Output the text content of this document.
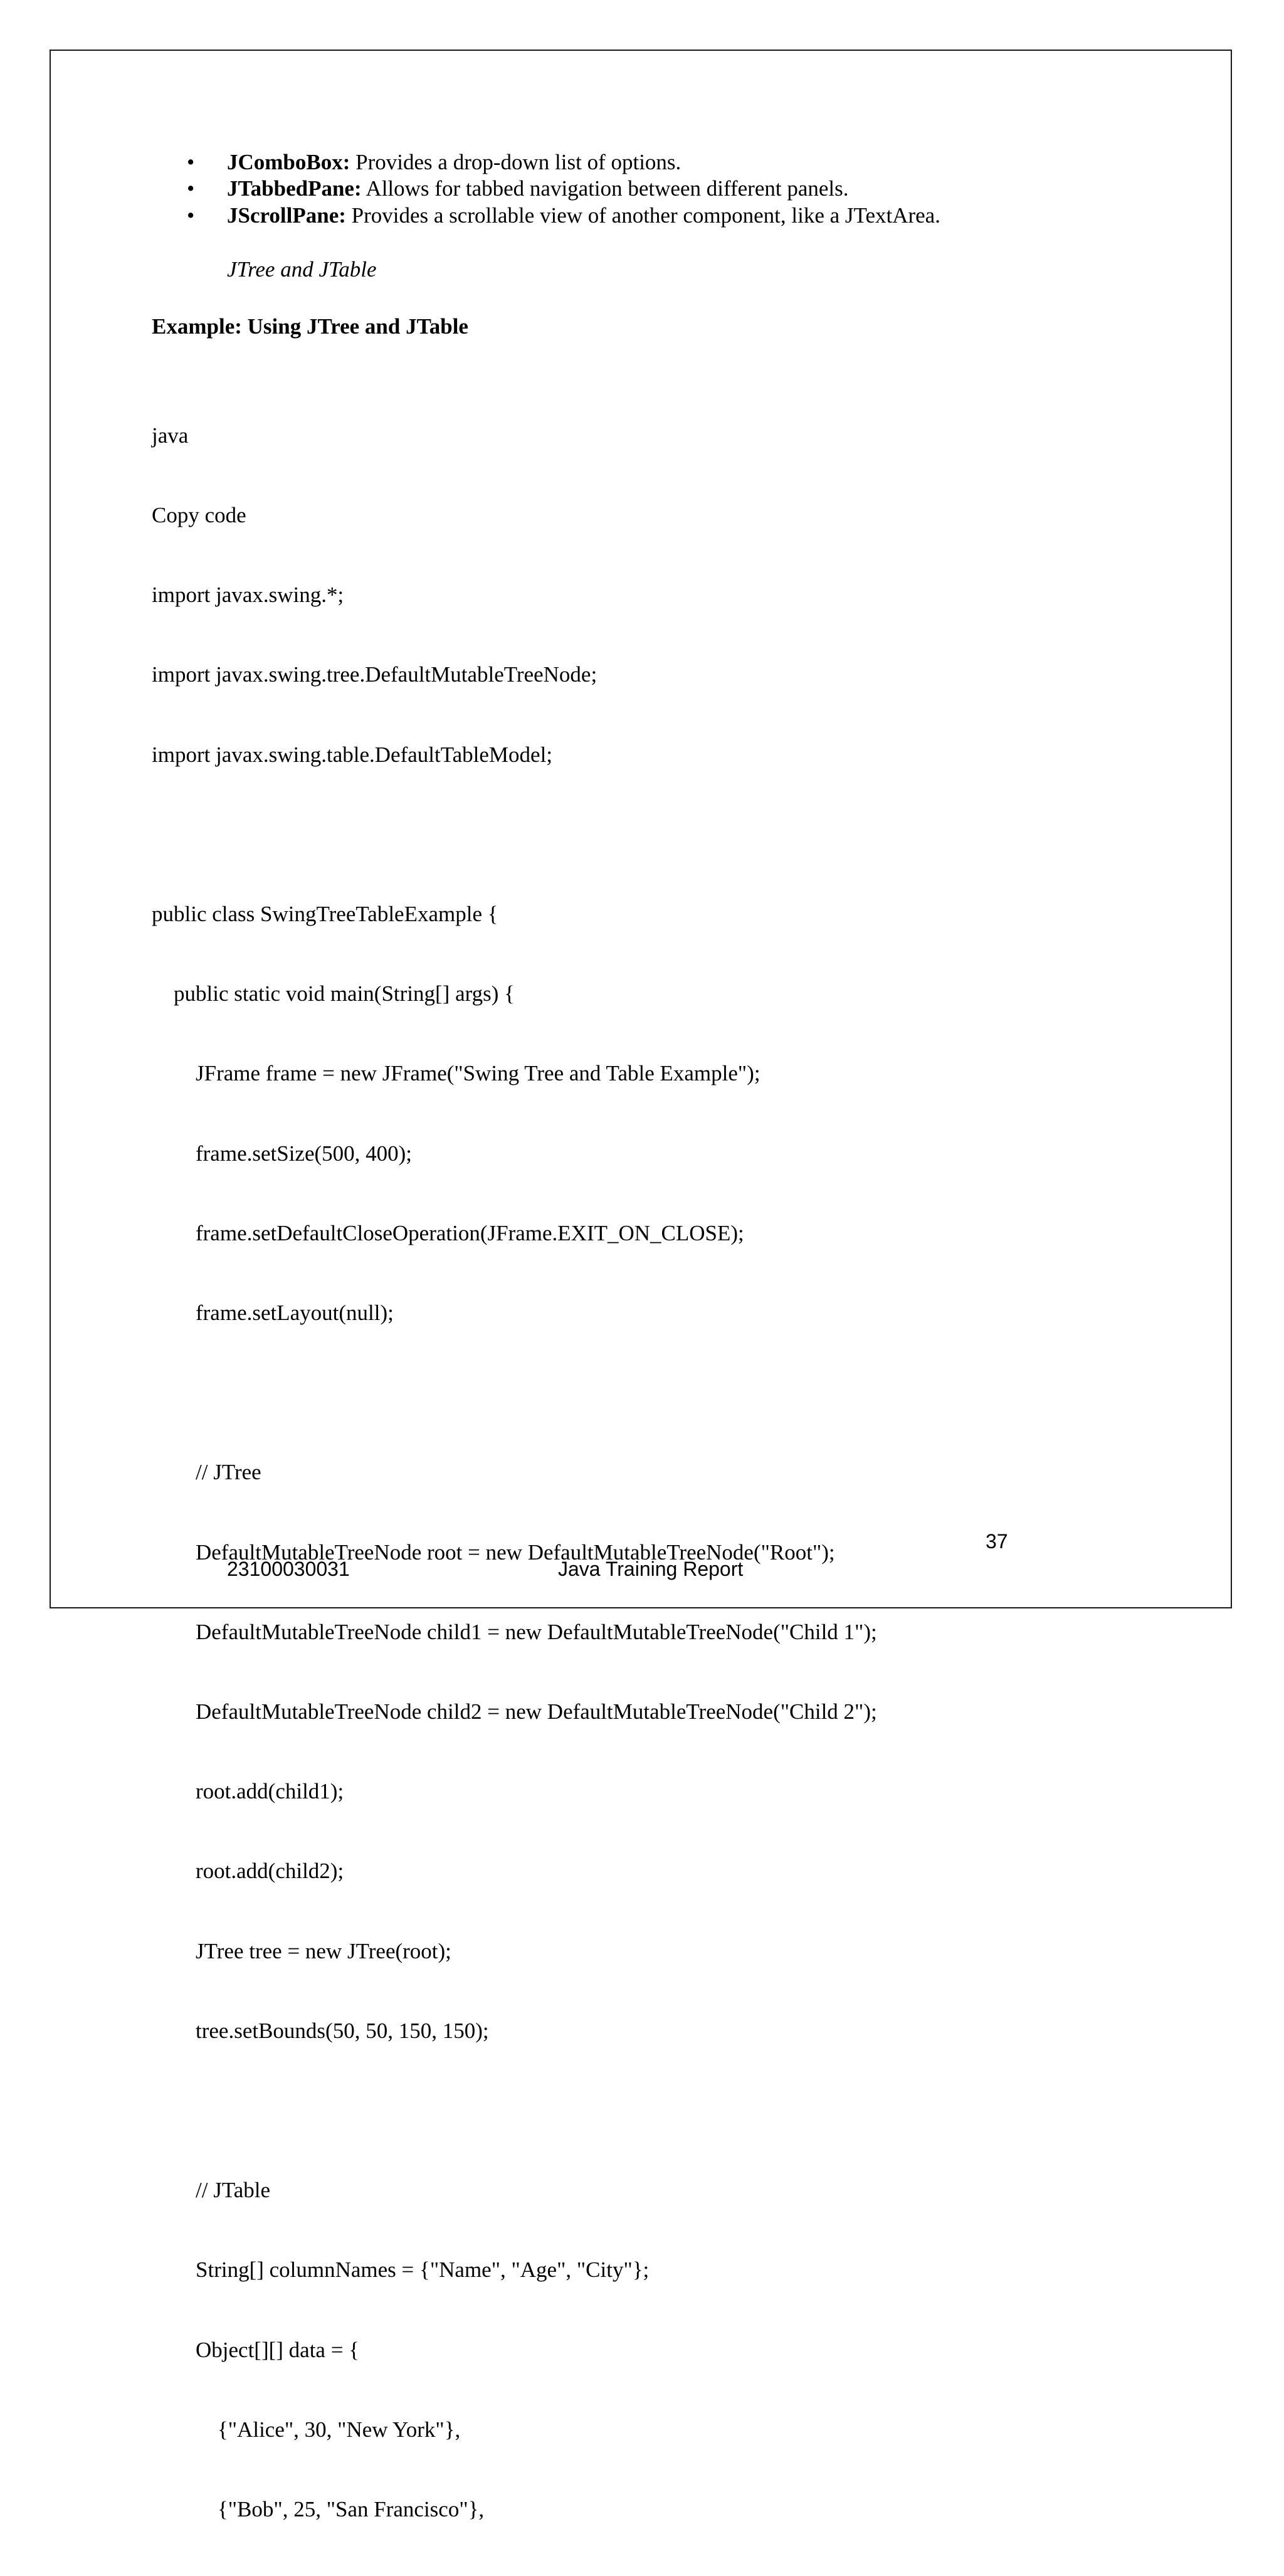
• JComboBox: Provides a drop-down list of options.
• JTabbedPane: Allows for tabbed navigation between different panels.
• JScrollPane: Provides a scrollable view of another component, like a JTextArea.
JTree and JTable
Example: Using JTree and JTable

java

Copy code

import javax.swing.*;

import javax.swing.tree.DefaultMutableTreeNode;

import javax.swing.table.DefaultTableModel;

public class SwingTreeTableExample {

public static void main(String[] args) {

JFrame frame = new JFrame("Swing Tree and Table Example");

frame.setSize(500, 400);

frame.setDefaultCloseOperation(JFrame.EXIT_ON_CLOSE);

frame.setLayout(null);

// JTree

DefaultMutableTreeNode root = new DefaultMutableTreeNode("Root");

DefaultMutableTreeNode child1 = new DefaultMutableTreeNode("Child 1");

DefaultMutableTreeNode child2 = new DefaultMutableTreeNode("Child 2");

root.add(child1);

root.add(child2);

JTree tree = new JTree(root);

tree.setBounds(50, 50, 150, 150);

// JTable

String[] columnNames = {"Name", "Age", "City"};

Object[][] data = {

{"Alice", 30, "New York"},

{"Bob", 25, "San Francisco"},

37
23100030031	Java Training Report
